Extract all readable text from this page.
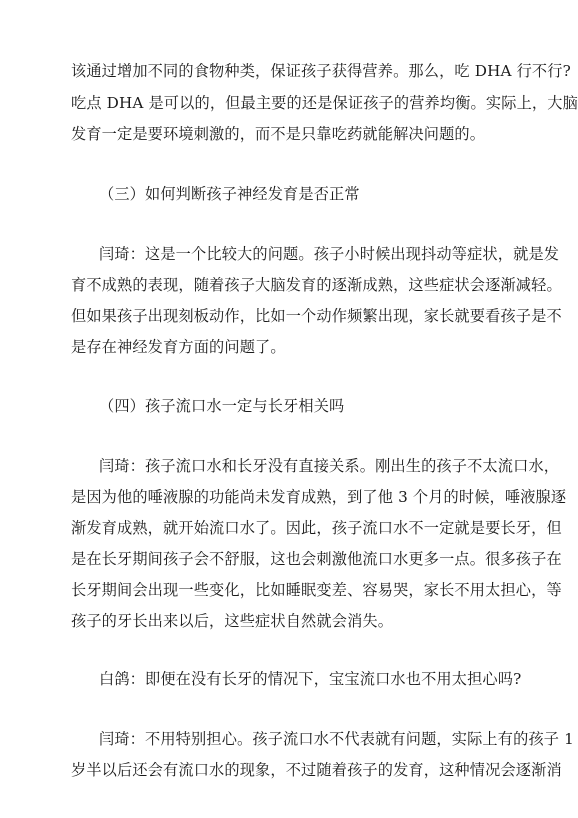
该通过增加不同的食物种类，保证孩子获得营养。那么，吃 DHA 行不行?
吃点 DHA 是可以的，但最主要的还是保证孩子的营养均衡。实际上，大脑
发育一定是要环境刺激的，而不是只靠吃药就能解决问题的。
（三）如何判断孩子神经发育是否正常
闫琦：这是一个比较大的问题。孩子小时候出现抖动等症状，就是发
育不成熟的表现，随着孩子大脑发育的逐渐成熟，这些症状会逐渐减轻。
但如果孩子出现刻板动作，比如一个动作频繁出现，家长就要看孩子是不
是存在神经发育方面的问题了。
（四）孩子流口水一定与长牙相关吗
闫琦：孩子流口水和长牙没有直接关系。刚出生的孩子不太流口水，
是因为他的唾液腺的功能尚未发育成熟，到了他 3 个月的时候，唾液腺逐
渐发育成熟，就开始流口水了。因此，孩子流口水不一定就是要长牙，但
是在长牙期间孩子会不舒服，这也会刺激他流口水更多一点。很多孩子在
长牙期间会出现一些变化，比如睡眠变差、容易哭，家长不用太担心，等
孩子的牙长出来以后，这些症状自然就会消失。
白鸽：即便在没有长牙的情况下，宝宝流口水也不用太担心吗?
闫琦：不用特别担心。孩子流口水不代表就有问题，实际上有的孩子 1
岁半以后还会有流口水的现象，不过随着孩子的发育，这种情况会逐渐消
